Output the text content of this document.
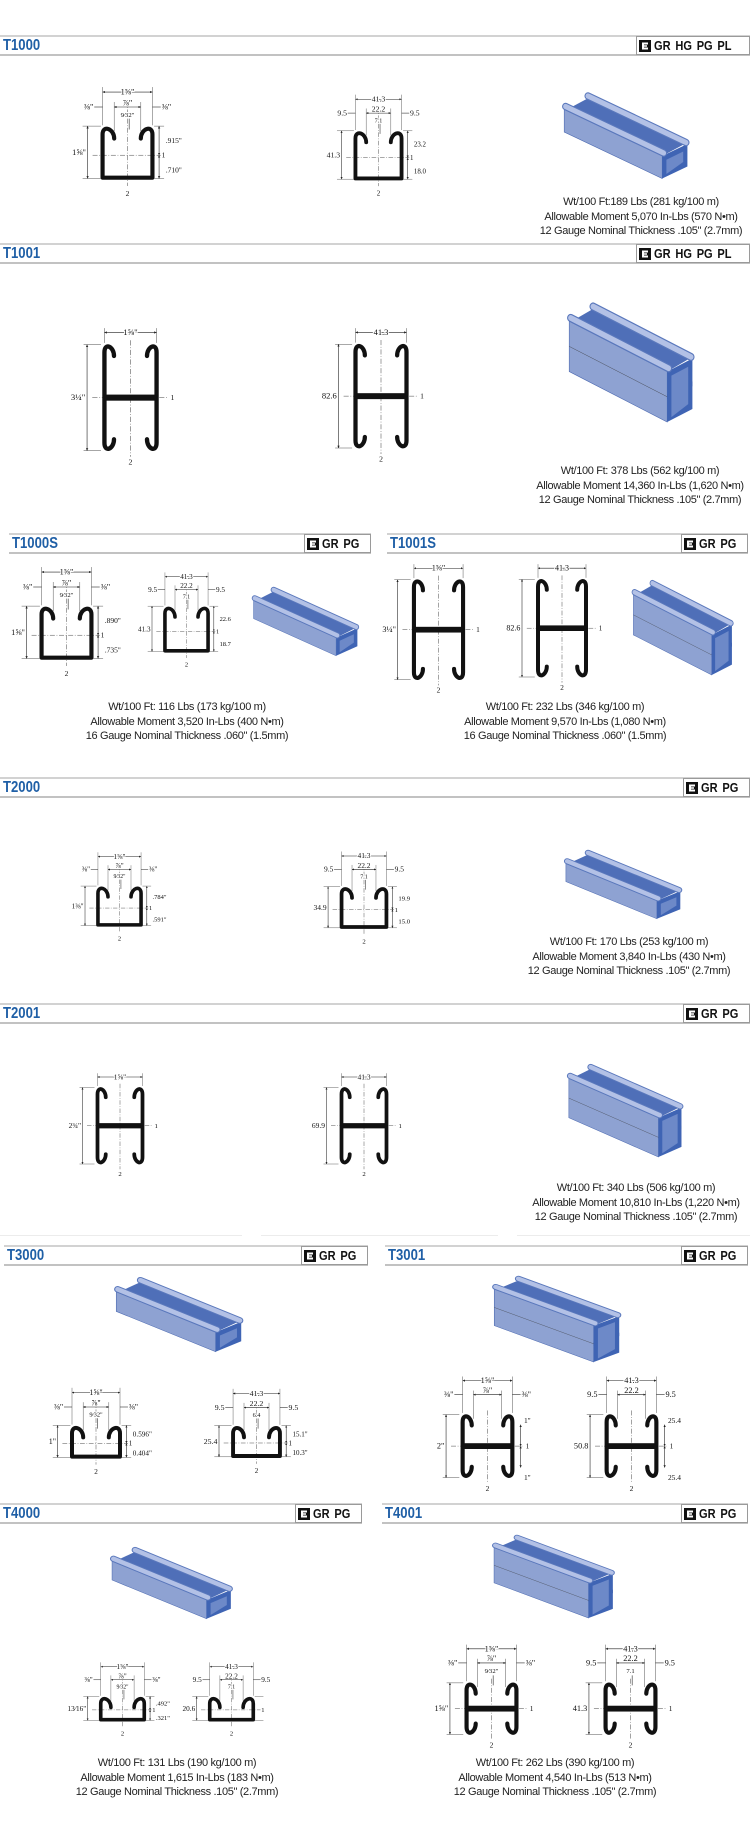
T1000	GR HG PG PL
T1001	GR HG PG PL
T1000S	GR PG T1001S	GR PG
T2000	GR PG
T2001	GR PG
T3000	GR PG T3001	GR PG
T4000	GR PG T4001	GR PG
1⅝"
⅞"
⅜"	⅜"
9⁄32"
1⅝"
.915"
.710"
1
2
41.3
22.2
9.5	9.5
7.1
41.3
23.2
18.0
1
2
1⅝"
3¼"	1
2
41.3
82.6	1
2
1⅝"
⅞"
⅜"	⅜"
9⁄32"
1⅝"
.890"
.735"
1
2
41.3
22.2
9.5	9.5
7.1
41.3
22.6
18.7
1
2
1⅝"
3¼"	1
2
41.3
82.6	1
2
1⅝"
⅞"
⅜"	⅜"
9⁄32"
1⅜"
.784"
.591"
1
2
41.3
22.2
9.5	9.5
7.1
34.9
19.9
15.0
1
2
1⅝"
2¾"	1
2
41.3
69.9	1
2
1⅝"
⅞"
⅜"	⅜"
9⁄32"
1"
0.596"
0.404"
1
2
41.3
22.2
9.5	9.5
6.4
25.4
15.1"
10.3"
1
2
1⅝"
⅞"
⅜"	⅜"
2"
1"
1"
1
2
41.3
22.2
9.5	9.5
50.8
25.4
25.4
1
2
1⅝"
⅞"
⅜"	⅜"
9⁄32"
13⁄16"
.492"
.321"
1
2
41.3
22.2
9.5	9.5
7.1
20.6	1
2
1⅝"
⅞"
⅜"	⅜"
9⁄32"
1⅝"	1
2
41.3
22.2
9.5	9.5
7.1
41.3	1
2
Wt/100 Ft:189 Lbs (281 kg/100 m)
Allowable Moment 5,070 In-Lbs (570 N•m)
12 Gauge Nominal Thickness .105" (2.7mm)
Wt/100 Ft: 378 Lbs (562 kg/100 m)
Allowable Moment 14,360 In-Lbs (1,620 N•m)
12 Gauge Nominal Thickness .105" (2.7mm)
Wt/100 Ft: 116 Lbs (173 kg/100 m)
Allowable Moment 3,520 In-Lbs (400 N•m)
16 Gauge Nominal Thickness .060" (1.5mm)
Wt/100 Ft: 232 Lbs (346 kg/100 m)
Allowable Moment 9,570 In-Lbs (1,080 N•m)
16 Gauge Nominal Thickness .060" (1.5mm)
Wt/100 Ft: 170 Lbs (253 kg/100 m)
Allowable Moment 3,840 In-Lbs (430 N•m)
12 Gauge Nominal Thickness .105" (2.7mm)
Wt/100 Ft: 340 Lbs (506 kg/100 m)
Allowable Moment 10,810 In-Lbs (1,220 N•m)
12 Gauge Nominal Thickness .105" (2.7mm)
Wt/100 Ft: 131 Lbs (190 kg/100 m)
Allowable Moment 1,615 In-Lbs (183 N•m)
12 Gauge Nominal Thickness .105" (2.7mm)
Wt/100 Ft: 262 Lbs (390 kg/100 m)
Allowable Moment 4,540 In-Lbs (513 N•m)
12 Gauge Nominal Thickness .105" (2.7mm)
